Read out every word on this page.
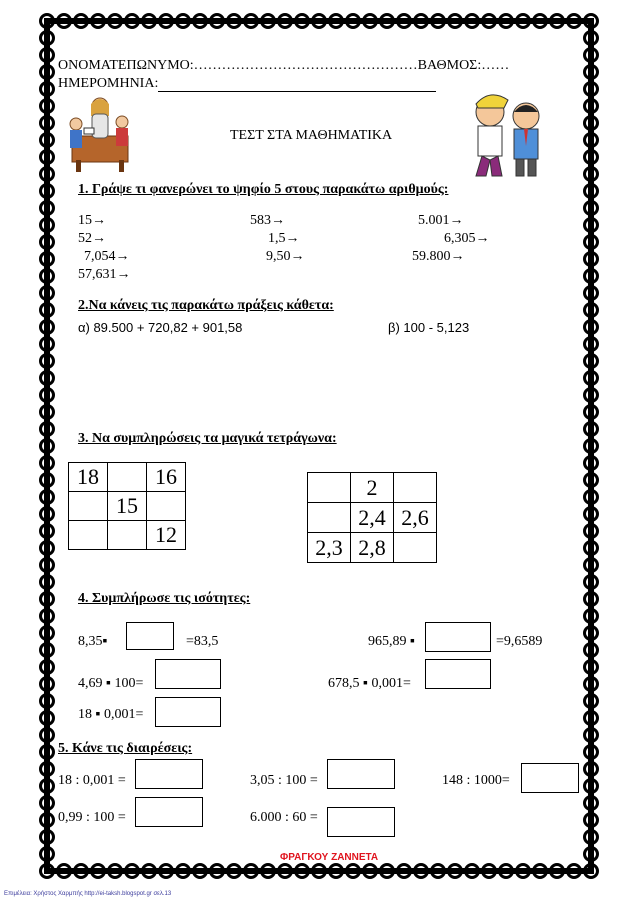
ΟΝΟΜΑΤΕΠΩΝΥΜΟ:…………………………………………ΒΑΘΜΟΣ:……
ΗΜΕΡΟΜΗΝΙΑ:
ΤΕΣΤ ΣΤΑ ΜΑΘΗΜΑΤΙΚΑ
1. Γράψε τι φανερώνει το ψηφίο 5 στους παρακάτω αριθμούς:
15→	583→	5.001→
52→	1,5→	6,305→
7,054→	9,50→	59.800→
57,631→
2.Να κάνεις τις παρακάτω πράξεις κάθετα:
α) 89.500 + 720,82 + 901,58	β) 100 - 5,123
3. Να συμπληρώσεις τα μαγικά τετράγωνα:
18		16
	15	
		12
	2	
	2,4	2,6
2,3	2,8	
4. Συμπλήρωσε τις ισότητες:
8,35▪	=83,5	965,89 ▪	=9,6589
4,69 ▪ 100=	678,5 ▪ 0,001=
18 ▪ 0,001=
5. Κάνε τις διαιρέσεις:
18 : 0,001 =	3,05 : 100 =	148 : 1000=
0,99 : 100 =	6.000 : 60 =
ΦΡΑΓΚΟΥ ΖΑΝΝΕΤΑ
Επιμέλεια: Χρήστος Χαρμπής http://ei-taksh.blogspot.gr σελ.13
